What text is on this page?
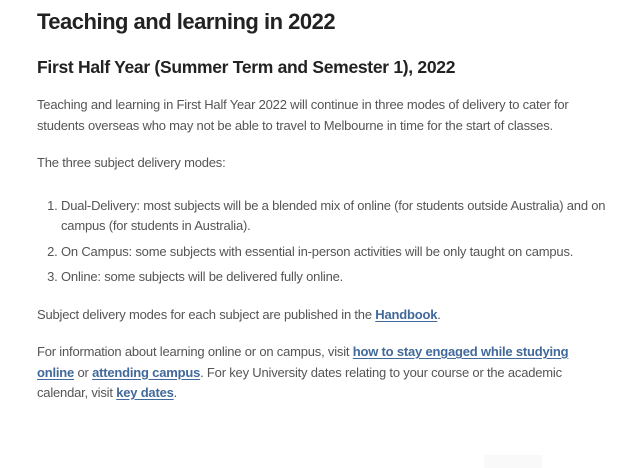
Teaching and learning in 2022
First Half Year (Summer Term and Semester 1), 2022

Teaching and learning in First Half Year 2022 will continue in three modes of delivery to cater for students overseas who may not be able to travel to Melbourne in time for the start of classes.

The three subject delivery modes:

1. Dual-Delivery: most subjects will be a blended mix of online (for students outside Australia) and on campus (for students in Australia).
2. On Campus: some subjects with essential in-person activities will be only taught on campus.
3. Online: some subjects will be delivered fully online.

Subject delivery modes for each subject are published in the Handbook.

For information about learning online or on campus, visit how to stay engaged while studying online or attending campus. For key University dates relating to your course or the academic calendar, visit key dates.
